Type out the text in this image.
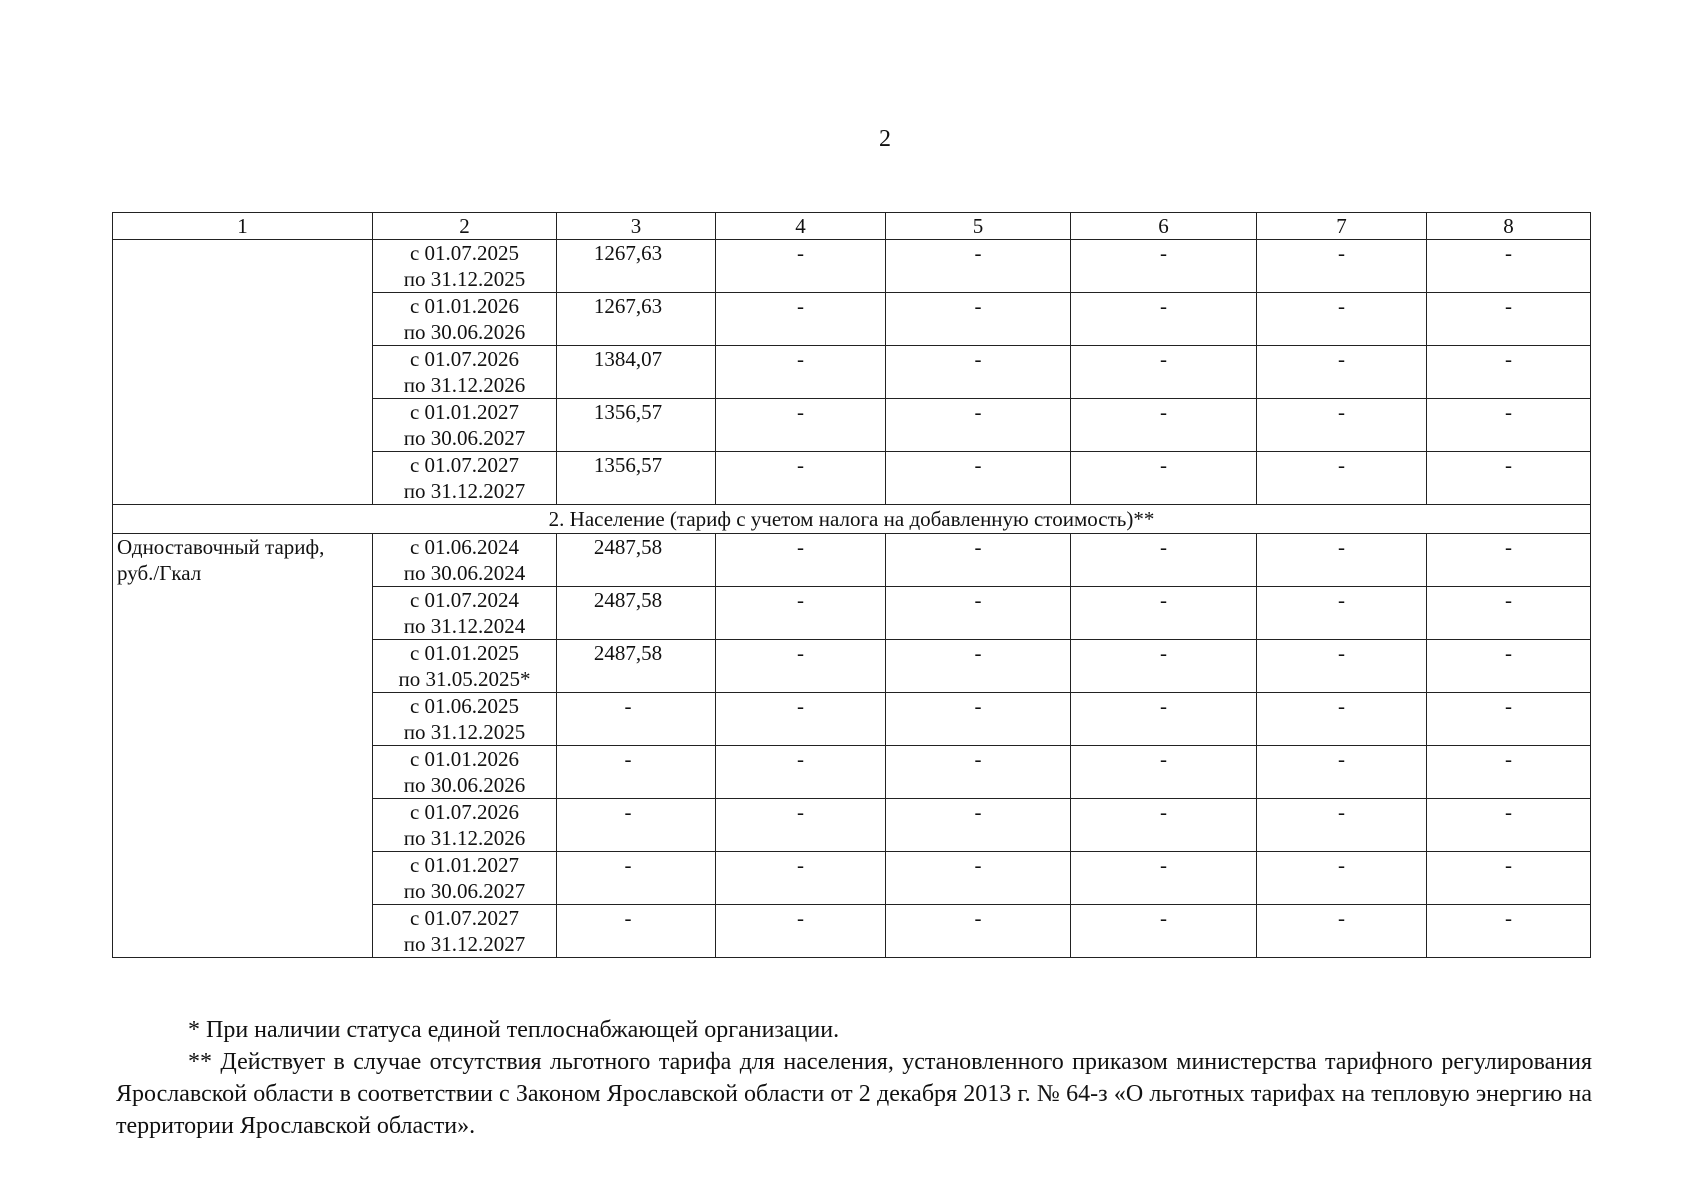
2
1	2	3	4	5	6	7	8
	с 01.07.2025
по 31.12.2025	1267,63	-	-	-	-	-
	с 01.01.2026
по 30.06.2026	1267,63	-	-	-	-	-
	с 01.07.2026
по 31.12.2026	1384,07	-	-	-	-	-
	с 01.01.2027
по 30.06.2027	1356,57	-	-	-	-	-
	с 01.07.2027
по 31.12.2027	1356,57	-	-	-	-	-
2. Население (тариф с учетом налога на добавленную стоимость)**							
Одноставочный тариф, руб./Гкал	с 01.06.2024
по 30.06.2024	2487,58	-	-	-	-	-
	с 01.07.2024
по 31.12.2024	2487,58	-	-	-	-	-
	с 01.01.2025
по 31.05.2025*	2487,58	-	-	-	-	-
	с 01.06.2025
по 31.12.2025	-	-	-	-	-	-
	с 01.01.2026
по 30.06.2026	-	-	-	-	-	-
	с 01.07.2026
по 31.12.2026	-	-	-	-	-	-
	с 01.01.2027
по 30.06.2027	-	-	-	-	-	-
	с 01.07.2027
по 31.12.2027	-	-	-	-	-	-

* При наличии статуса единой теплоснабжающей организации.

** Действует в случае отсутствия льготного тарифа для населения, установленного приказом министерства тарифного регулирования Ярославской области в соответствии с Законом Ярославской области от 2 декабря 2013 г. № 64-з «О льготных тарифах на тепловую энергию на территории Ярославской области».
